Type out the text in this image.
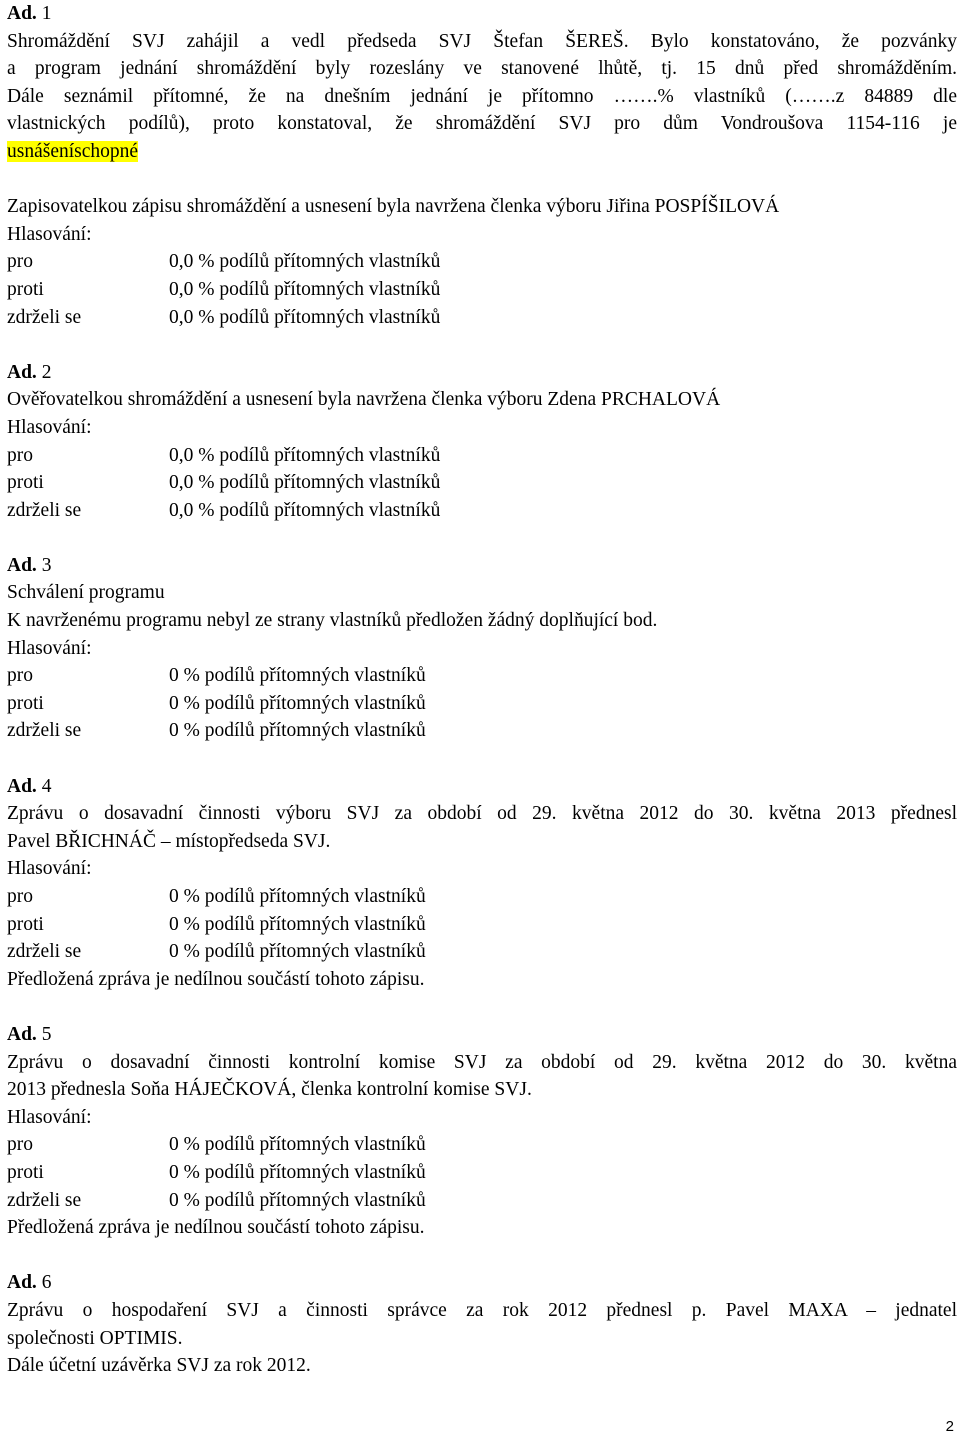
Ad. 1
Shromáždění SVJ zahájil a vedl předseda SVJ Štefan ŠEREŠ. Bylo konstatováno, že pozvánky
a program jednání shromáždění byly rozeslány ve stanovené lhůtě, tj. 15 dnů před shromážděním.
Dále seznámil přítomné, že na dnešním jednání je přítomno …….% vlastníků (…….z 84889 dle
vlastnických podílů), proto konstatoval, že shromáždění SVJ pro dům Vondroušova 1154-116 je
usnášeníschopné
Zapisovatelkou zápisu shromáždění a usnesení byla navržena členka výboru Jiřina POSPÍŠILOVÁ
Hlasování:
pro	0,0 % podílů přítomných vlastníků
proti	0,0 % podílů přítomných vlastníků
zdrželi se	0,0 % podílů přítomných vlastníků
Ad. 2
Ověřovatelkou shromáždění a usnesení byla navržena členka výboru Zdena PRCHALOVÁ
Hlasování:
pro	0,0 % podílů přítomných vlastníků
proti	0,0 % podílů přítomných vlastníků
zdrželi se	0,0 % podílů přítomných vlastníků
Ad. 3
Schválení programu
K navrženému programu nebyl ze strany vlastníků předložen žádný doplňující bod.
Hlasování:
pro	0 % podílů přítomných vlastníků
proti	0 % podílů přítomných vlastníků
zdrželi se	0 % podílů přítomných vlastníků
Ad. 4
Zprávu o dosavadní činnosti výboru SVJ za období od 29. května 2012 do 30. května 2013 přednesl
Pavel BŘICHNÁČ – místopředseda SVJ.
Hlasování:
pro	0 % podílů přítomných vlastníků
proti	0 % podílů přítomných vlastníků
zdrželi se	0 % podílů přítomných vlastníků
Předložená zpráva je nedílnou součástí tohoto zápisu.
Ad. 5
Zprávu o dosavadní činnosti kontrolní komise SVJ za období od 29. května 2012 do 30. května
2013 přednesla Soňa HÁJEČKOVÁ, členka kontrolní komise SVJ.
Hlasování:
pro	0 % podílů přítomných vlastníků
proti	0 % podílů přítomných vlastníků
zdrželi se	0 % podílů přítomných vlastníků
Předložená zpráva je nedílnou součástí tohoto zápisu.
Ad. 6
Zprávu o hospodaření SVJ a činnosti správce za rok 2012 přednesl p. Pavel MAXA – jednatel
společnosti OPTIMIS.
Dále účetní uzávěrka SVJ za rok 2012.
2
